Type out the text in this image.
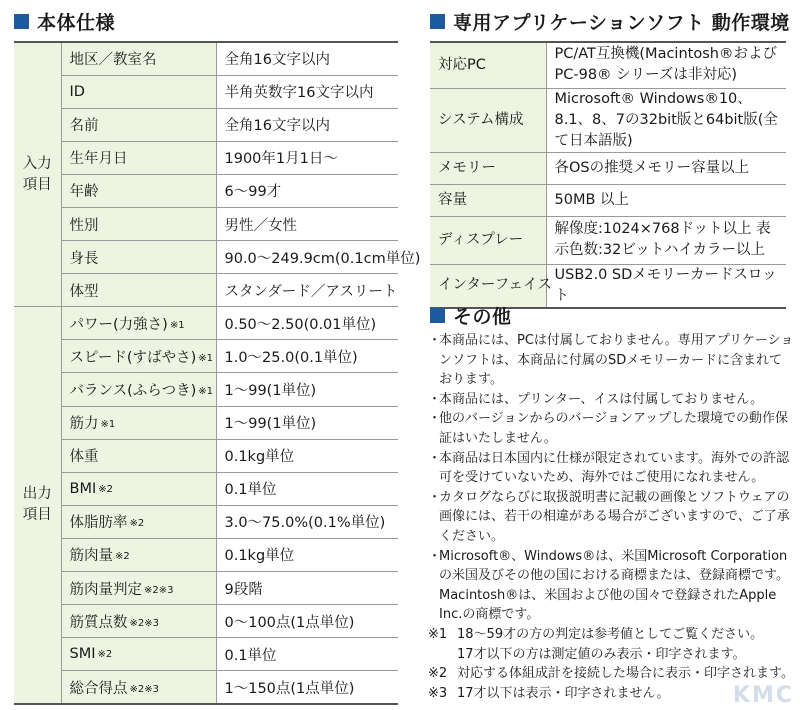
本体仕様
入力
項目	地区／教室名	全角16文字以内
	ID	半角英数字16文字以内
	名前	全角16文字以内
	生年月日	1900年1月1日〜
	年齢	6〜99才
	性別	男性／女性
	身長	90.0〜249.9cm(0.1cm単位)
	体型	スタンダード／アスリート
出力
項目	パワー(力強さ) $^{※1}$	0.50〜2.50(0.01単位)
	スピード(すばやさ) $^{※1}$	1.0〜25.0(0.1単位)
	バランス(ふらつき) $^{※1}$	1〜99(1単位)
	筋力 $^{※1}$	1〜99(1単位)
	体重	0.1kg単位
	BMI $^{※2}$	0.1単位
	体脂肪率 $^{※2}$	3.0〜75.0%(0.1%単位)
	筋肉量 $^{※2}$	0.1kg単位
	筋肉量判定 $^{※2※3}$	9段階
	筋質点数 $^{※2※3}$	0〜100点(1点単位)
	SMI $^{※2}$	0.1単位
	総合得点 $^{※2※3}$	1〜150点(1点単位)
専用アプリケーションソフト 動作環境
対応PC	PC/AT互換機(Macintosh®および PC-98® シリーズは非対応)
システム構成	Microsoft® Windows®10、8.1、8、7の32bit版と64bit版(全て日本語版)
メモリー	各OSの推奨メモリー容量以上
容量	50MB 以上
ディスプレー	解像度:1024×768ドット以上 表示色数:32ビットハイカラー以上
インターフェイス	USB2.0 SDメモリーカードスロット
その他
・
本商品には、PCは付属しておりません。専用アプリケーションソフトは、本商品に付属のSDメモリーカードに含まれております。
・
本商品には、プリンター、イスは付属しておりません。
・
他のバージョンからのバージョンアップした環境での動作保証はいたしません。
・
本商品は日本国内に仕様が限定されています。海外での許認可を受けていないため、海外ではご使用になれません。
・
カタログならびに取扱説明書に記載の画像とソフトウェアの画像には、若干の相違がある場合がございますので、ご了承ください。
・
Microsoft®、Windows®は、米国Microsoft Corporationの米国及びその他の国における商標または、登録商標です。Macintosh®は、米国および他の国々で登録されたApple Inc.の商標です。
※1 18〜59才の方の判定は参考値としてご覧ください。
17才以下の方は測定値のみ表示・印字されます。
※2 対応する体組成計を接続した場合に表示・印字されます。
※3 17才以下は表示・印字されません。	KMC
